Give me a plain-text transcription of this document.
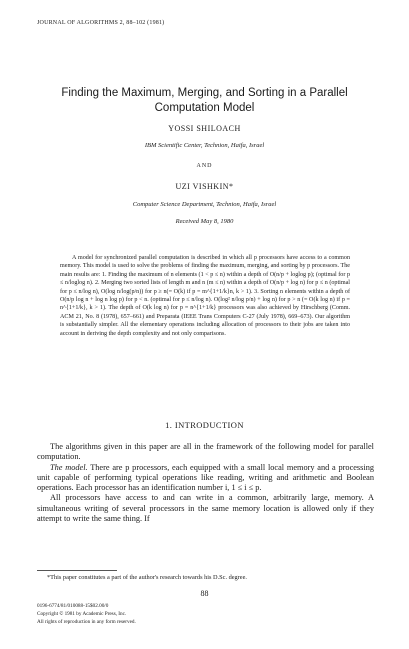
JOURNAL OF ALGORITHMS 2, 88–102 (1981)
Finding the Maximum, Merging, and Sorting in a Parallel Computation Model
YOSSI SHILOACH
IBM Scientific Center, Technion, Haifa, Israel
AND
UZI VISHKIN*
Computer Science Department, Technion, Haifa, Israel
Received May 8, 1980

A model for synchronized parallel computation is described in which all p processors have access to a common memory. This model is used to solve the problems of finding the maximum, merging, and sorting by p processors. The main results are: 1. Finding the maximum of n elements (1 < p ≤ n) within a depth of O(n/p + loglog p); (optimal for p ≤ n/loglog n). 2. Merging two sorted lists of length m and n (m ≤ n) within a depth of O(n/p + log n) for p ≤ n (optimal for p ≤ n/log n), O(log n/log(p/n)) for p ≥ n(= O(k) if p = m^{1+1/k}n, k > 1). 3. Sorting n elements within a depth of O(n/p log n + log n log p) for p < n. (optimal for p ≤ n/log n). O(log² n/log p/n) + log n) for p > n (= O(k log n) if p = n^{1+1/k}, k > 1). The depth of O(k log n) for p = n^{1+1/k} processors was also achieved by Hirschberg (Comm. ACM 21, No. 8 (1978), 657–661) and Preparata (IEEE Trans Computers C-27 (July 1978), 669–673). Our algorithm is substantially simpler. All the elementary operations including allocation of processors to their jobs are taken into account in deriving the depth complexity and not only comparisons.

1. INTRODUCTION

The algorithms given in this paper are all in the framework of the following model for parallel computation.

The model. There are p processors, each equipped with a small local memory and a processing unit capable of performing typical operations like reading, writing and arithmetic and Boolean operations. Each processor has an identification number i, 1 ≤ i ≤ p.

All processors have access to and can write in a common, arbitrarily large, memory. A simultaneous writing of several processors in the same memory location is allowed only if they attempt to write the same thing. If

*This paper constitutes a part of the author's research towards his D.Sc. degree.
88
0196-6774/81/010088-15$02.00/0
Copyright © 1981 by Academic Press, Inc.
All rights of reproduction in any form reserved.
